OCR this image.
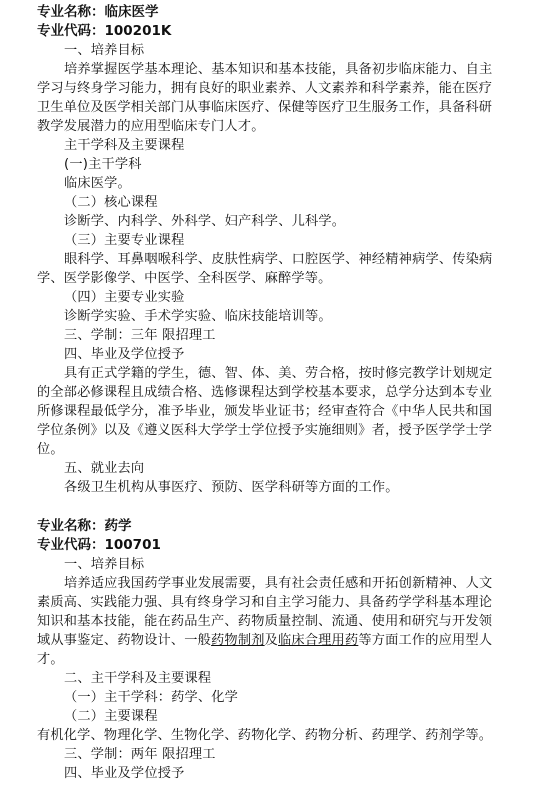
专业名称：临床医学
专业代码：100201K
一、培养目标
培养掌握医学基本理论、基本知识和基本技能，具备初步临床能力、自主
学习与终身学习能力，拥有良好的职业素养、人文素养和科学素养，能在医疗
卫生单位及医学相关部门从事临床医疗、保健等医疗卫生服务工作，具备科研
教学发展潜力的应用型临床专门人才。
主干学科及主要课程
(一)主干学科
临床医学。
（二）核心课程
诊断学、内科学、外科学、妇产科学、儿科学。
（三）主要专业课程
眼科学、耳鼻咽喉科学、皮肤性病学、口腔医学、神经精神病学、传染病
学、医学影像学、中医学、全科医学、麻醉学等。
（四）主要专业实验
诊断学实验、手术学实验、临床技能培训等。
三、学制：三年 限招理工
四、毕业及学位授予
具有正式学籍的学生，德、智、体、美、劳合格，按时修完教学计划规定
的全部必修课程且成绩合格、选修课程达到学校基本要求，总学分达到本专业
所修课程最低学分，准予毕业，颁发毕业证书；经审查符合《中华人民共和国
学位条例》以及《遵义医科大学学士学位授予实施细则》者，授予医学学士学
位。
五、就业去向
各级卫生机构从事医疗、预防、医学科研等方面的工作。
专业名称：药学
专业代码：100701
一、培养目标
培养适应我国药学事业发展需要，具有社会责任感和开拓创新精神、人文
素质高、实践能力强、具有终身学习和自主学习能力、具备药学学科基本理论
知识和基本技能，能在药品生产、药物质量控制、流通、使用和研究与开发领
域从事鉴定、药物设计、一般药物制剂及临床合理用药等方面工作的应用型人
才。
二、主干学科及主要课程
（一）主干学科：药学、化学
（二）主要课程
有机化学、物理化学、生物化学、药物化学、药物分析、药理学、药剂学等。
三、学制：两年 限招理工
四、毕业及学位授予
